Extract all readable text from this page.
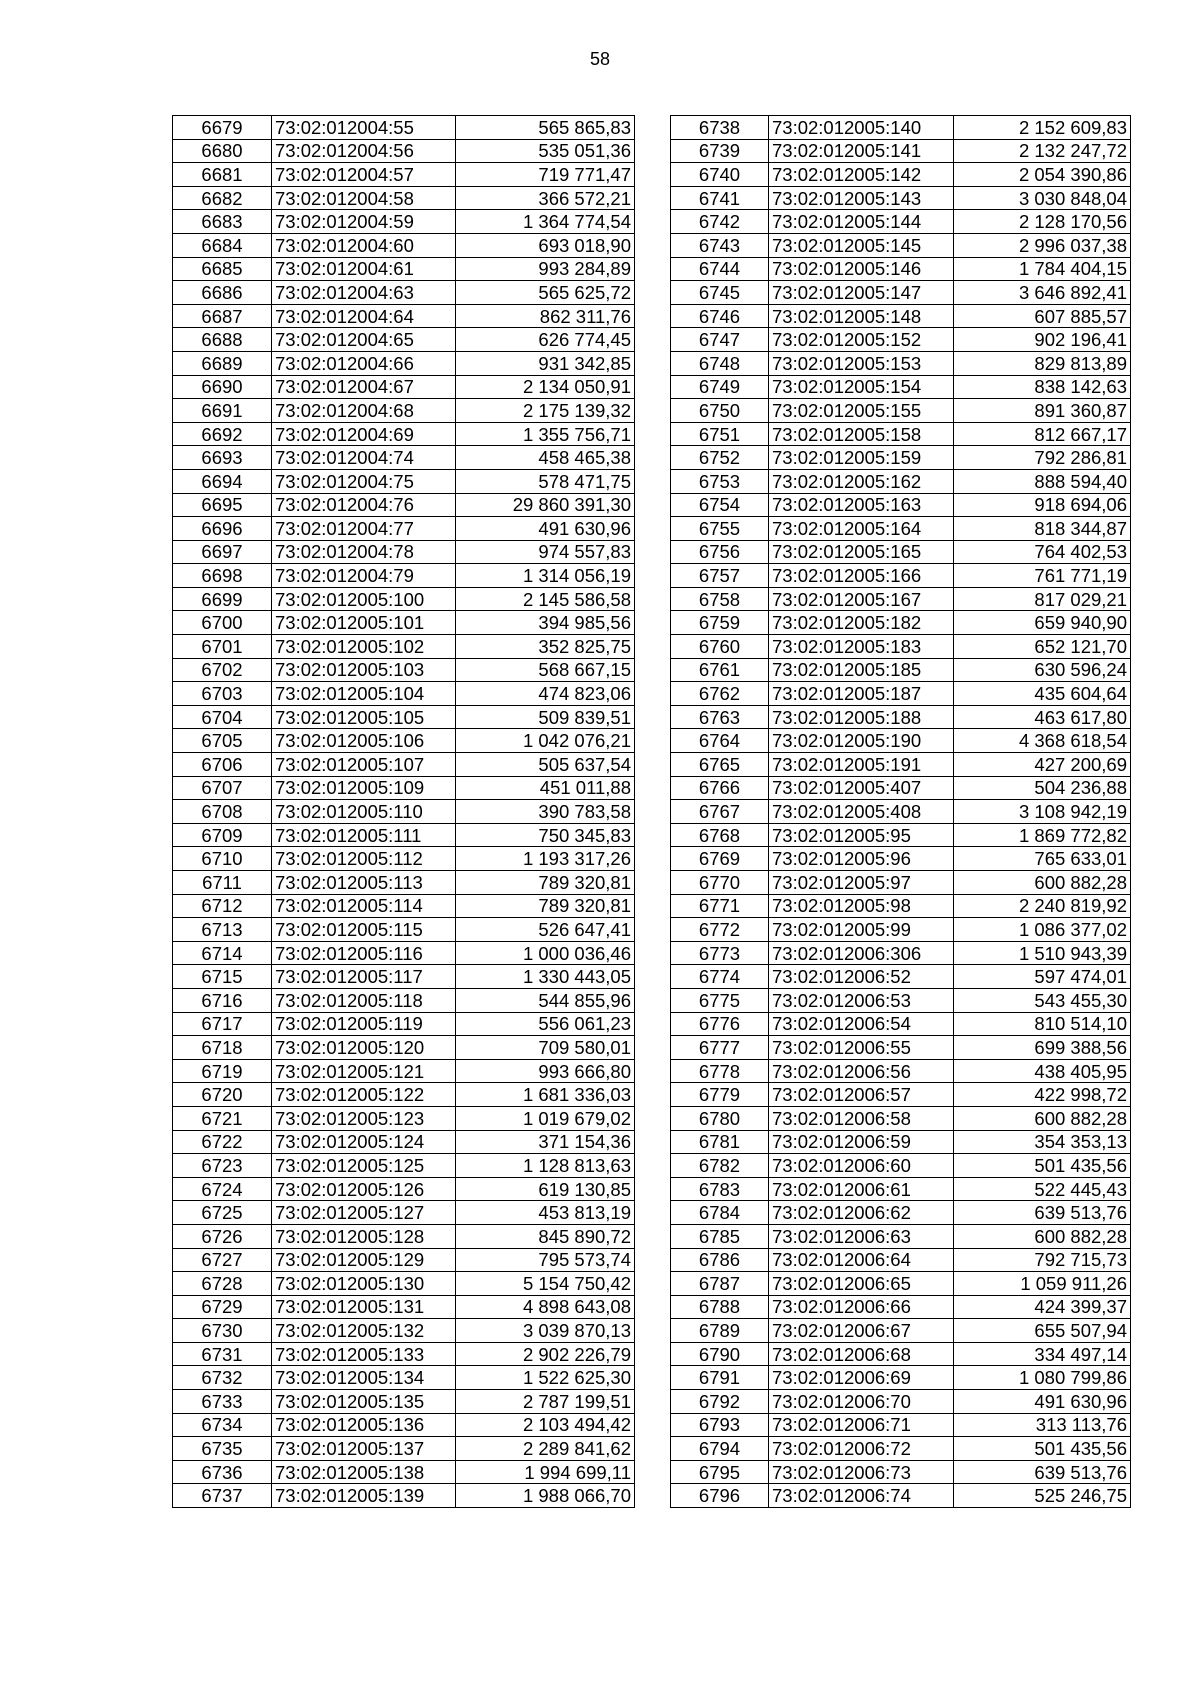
58
6679	73:02:012004:55	565 865,83
6680	73:02:012004:56	535 051,36
6681	73:02:012004:57	719 771,47
6682	73:02:012004:58	366 572,21
6683	73:02:012004:59	1 364 774,54
6684	73:02:012004:60	693 018,90
6685	73:02:012004:61	993 284,89
6686	73:02:012004:63	565 625,72
6687	73:02:012004:64	862 311,76
6688	73:02:012004:65	626 774,45
6689	73:02:012004:66	931 342,85
6690	73:02:012004:67	2 134 050,91
6691	73:02:012004:68	2 175 139,32
6692	73:02:012004:69	1 355 756,71
6693	73:02:012004:74	458 465,38
6694	73:02:012004:75	578 471,75
6695	73:02:012004:76	29 860 391,30
6696	73:02:012004:77	491 630,96
6697	73:02:012004:78	974 557,83
6698	73:02:012004:79	1 314 056,19
6699	73:02:012005:100	2 145 586,58
6700	73:02:012005:101	394 985,56
6701	73:02:012005:102	352 825,75
6702	73:02:012005:103	568 667,15
6703	73:02:012005:104	474 823,06
6704	73:02:012005:105	509 839,51
6705	73:02:012005:106	1 042 076,21
6706	73:02:012005:107	505 637,54
6707	73:02:012005:109	451 011,88
6708	73:02:012005:110	390 783,58
6709	73:02:012005:111	750 345,83
6710	73:02:012005:112	1 193 317,26
6711	73:02:012005:113	789 320,81
6712	73:02:012005:114	789 320,81
6713	73:02:012005:115	526 647,41
6714	73:02:012005:116	1 000 036,46
6715	73:02:012005:117	1 330 443,05
6716	73:02:012005:118	544 855,96
6717	73:02:012005:119	556 061,23
6718	73:02:012005:120	709 580,01
6719	73:02:012005:121	993 666,80
6720	73:02:012005:122	1 681 336,03
6721	73:02:012005:123	1 019 679,02
6722	73:02:012005:124	371 154,36
6723	73:02:012005:125	1 128 813,63
6724	73:02:012005:126	619 130,85
6725	73:02:012005:127	453 813,19
6726	73:02:012005:128	845 890,72
6727	73:02:012005:129	795 573,74
6728	73:02:012005:130	5 154 750,42
6729	73:02:012005:131	4 898 643,08
6730	73:02:012005:132	3 039 870,13
6731	73:02:012005:133	2 902 226,79
6732	73:02:012005:134	1 522 625,30
6733	73:02:012005:135	2 787 199,51
6734	73:02:012005:136	2 103 494,42
6735	73:02:012005:137	2 289 841,62
6736	73:02:012005:138	1 994 699,11
6737	73:02:012005:139	1 988 066,70
6738	73:02:012005:140	2 152 609,83
6739	73:02:012005:141	2 132 247,72
6740	73:02:012005:142	2 054 390,86
6741	73:02:012005:143	3 030 848,04
6742	73:02:012005:144	2 128 170,56
6743	73:02:012005:145	2 996 037,38
6744	73:02:012005:146	1 784 404,15
6745	73:02:012005:147	3 646 892,41
6746	73:02:012005:148	607 885,57
6747	73:02:012005:152	902 196,41
6748	73:02:012005:153	829 813,89
6749	73:02:012005:154	838 142,63
6750	73:02:012005:155	891 360,87
6751	73:02:012005:158	812 667,17
6752	73:02:012005:159	792 286,81
6753	73:02:012005:162	888 594,40
6754	73:02:012005:163	918 694,06
6755	73:02:012005:164	818 344,87
6756	73:02:012005:165	764 402,53
6757	73:02:012005:166	761 771,19
6758	73:02:012005:167	817 029,21
6759	73:02:012005:182	659 940,90
6760	73:02:012005:183	652 121,70
6761	73:02:012005:185	630 596,24
6762	73:02:012005:187	435 604,64
6763	73:02:012005:188	463 617,80
6764	73:02:012005:190	4 368 618,54
6765	73:02:012005:191	427 200,69
6766	73:02:012005:407	504 236,88
6767	73:02:012005:408	3 108 942,19
6768	73:02:012005:95	1 869 772,82
6769	73:02:012005:96	765 633,01
6770	73:02:012005:97	600 882,28
6771	73:02:012005:98	2 240 819,92
6772	73:02:012005:99	1 086 377,02
6773	73:02:012006:306	1 510 943,39
6774	73:02:012006:52	597 474,01
6775	73:02:012006:53	543 455,30
6776	73:02:012006:54	810 514,10
6777	73:02:012006:55	699 388,56
6778	73:02:012006:56	438 405,95
6779	73:02:012006:57	422 998,72
6780	73:02:012006:58	600 882,28
6781	73:02:012006:59	354 353,13
6782	73:02:012006:60	501 435,56
6783	73:02:012006:61	522 445,43
6784	73:02:012006:62	639 513,76
6785	73:02:012006:63	600 882,28
6786	73:02:012006:64	792 715,73
6787	73:02:012006:65	1 059 911,26
6788	73:02:012006:66	424 399,37
6789	73:02:012006:67	655 507,94
6790	73:02:012006:68	334 497,14
6791	73:02:012006:69	1 080 799,86
6792	73:02:012006:70	491 630,96
6793	73:02:012006:71	313 113,76
6794	73:02:012006:72	501 435,56
6795	73:02:012006:73	639 513,76
6796	73:02:012006:74	525 246,75
